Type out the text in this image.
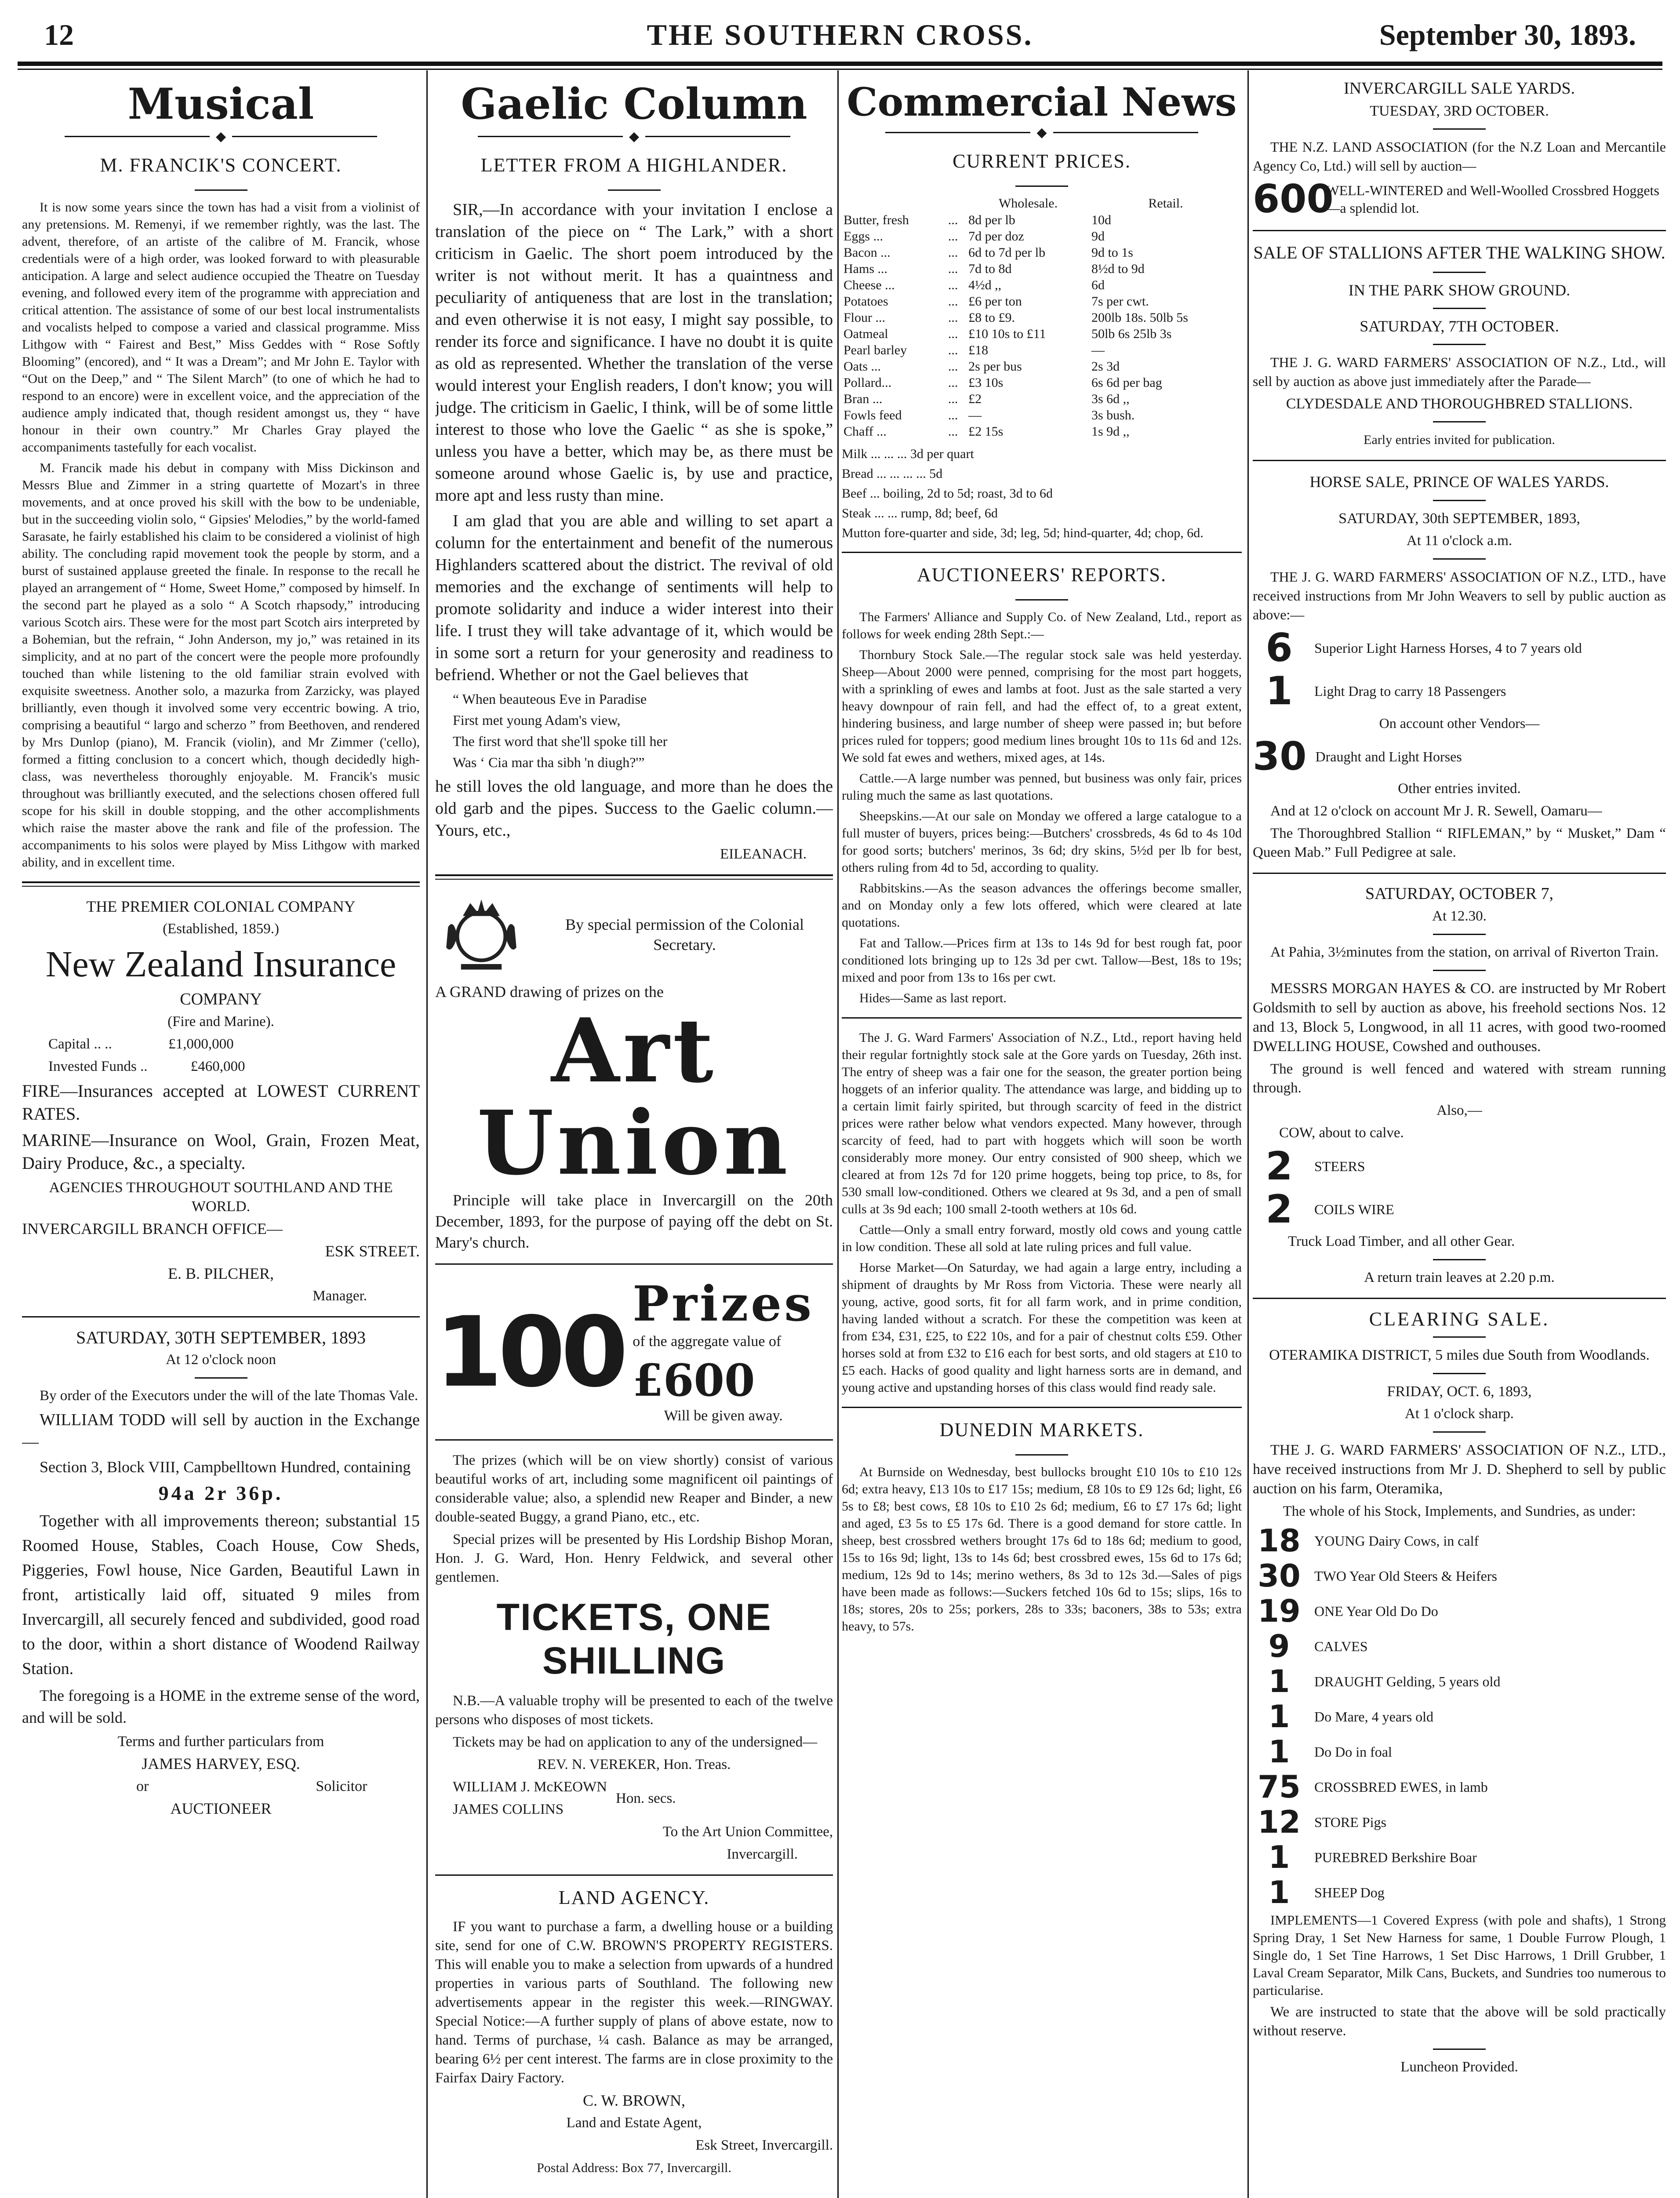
12	THE SOUTHERN CROSS.	September 30, 1893.
Musical
◆
M. FRANCIK'S CONCERT.

It is now some years since the town has had a visit from a violinist of any pretensions. M. Remenyi, if we remember rightly, was the last. The advent, therefore, of an artiste of the calibre of M. Francik, whose credentials were of a high order, was looked forward to with pleasurable anticipation. A large and select audience occupied the Theatre on Tuesday evening, and followed every item of the programme with appreciation and critical attention. The assistance of some of our best local instrumentalists and vocalists helped to compose a varied and classical programme. Miss Lithgow with “ Fairest and Best,” Miss Geddes with “ Rose Softly Blooming” (encored), and “ It was a Dream”; and Mr John E. Taylor with “Out on the Deep,” and “ The Silent March” (to one of which he had to respond to an encore) were in excellent voice, and the appreciation of the audience amply indicated that, though resident amongst us, they “ have honour in their own country.” Mr Charles Gray played the accompaniments tastefully for each vocalist.

M. Francik made his debut in company with Miss Dickinson and Messrs Blue and Zimmer in a string quartette of Mozart's in three movements, and at once proved his skill with the bow to be undeniable, but in the succeeding violin solo, “ Gipsies' Melodies,” by the world-famed Sarasate, he fairly established his claim to be considered a violinist of high ability. The concluding rapid movement took the people by storm, and a burst of sustained applause greeted the finale. In response to the recall he played an arrangement of “ Home, Sweet Home,” composed by himself. In the second part he played as a solo “ A Scotch rhapsody,” introducing various Scotch airs. These were for the most part Scotch airs interpreted by a Bohemian, but the refrain, “ John Anderson, my jo,” was retained in its simplicity, and at no part of the concert were the people more profoundly touched than while listening to the old familiar strain evolved with exquisite sweetness. Another solo, a mazurka from Zarzicky, was played brilliantly, even though it involved some very eccentric bowing. A trio, comprising a beautiful “ largo and scherzo ” from Beethoven, and rendered by Mrs Dunlop (piano), M. Francik (violin), and Mr Zimmer ('cello), formed a fitting conclusion to a concert which, though decidedly high-class, was nevertheless thoroughly enjoyable. M. Francik's music throughout was brilliantly executed, and the selections chosen offered full scope for his skill in double stopping, and the other accomplishments which raise the master above the rank and file of the profession. The accompaniments to his solos were played by Miss Lithgow with marked ability, and in excellent time.

THE PREMIER COLONIAL COMPANY

(Established, 1859.)

New Zealand Insurance

COMPANY

(Fire and Marine).

Capital .. ..	£1,000,000

Invested Funds ..	£460,000

FIRE—Insurances accepted at LOWEST CURRENT RATES.

MARINE—Insurance on Wool, Grain, Frozen Meat, Dairy Produce, &c., a specialty.

AGENCIES THROUGHOUT SOUTHLAND AND THE WORLD.

INVERCARGILL BRANCH OFFICE—

ESK STREET.

E. B. PILCHER,

Manager.

SATURDAY, 30TH SEPTEMBER, 1893

At 12 o'clock noon

By order of the Executors under the will of the late Thomas Vale.

WILLIAM TODD will sell by auction in the Exchange—

Section 3, Block VIII, Campbelltown Hundred, containing

94a 2r 36p.

Together with all improvements thereon; substantial 15 Roomed House, Stables, Coach House, Cow Sheds, Piggeries, Fowl house, Nice Garden, Beautiful Lawn in front, artistically laid off, situated 9 miles from Invercargill, all securely fenced and subdivided, good road to the door, within a short distance of Woodend Railway Station.

The foregoing is a HOME in the extreme sense of the word, and will be sold.

Terms and further particulars from

JAMES HARVEY, ESQ.

or	Solicitor

AUCTIONEER

Gaelic Column
◆
LETTER FROM A HIGHLANDER.

SIR,—In accordance with your invitation I enclose a translation of the piece on “ The Lark,” with a short criticism in Gaelic. The short poem introduced by the writer is not without merit. It has a quaintness and peculiarity of antiqueness that are lost in the translation; and even otherwise it is not easy, I might say possible, to render its force and significance. I have no doubt it is quite as old as represented. Whether the translation of the verse would interest your English readers, I don't know; you will judge. The criticism in Gaelic, I think, will be of some little interest to those who love the Gaelic “ as she is spoke,” unless you have a better, which may be, as there must be someone around whose Gaelic is, by use and practice, more apt and less rusty than mine.

I am glad that you are able and willing to set apart a column for the entertainment and benefit of the numerous Highlanders scattered about the district. The revival of old memories and the exchange of sentiments will help to promote solidarity and induce a wider interest into their life. I trust they will take advantage of it, which would be in some sort a return for your generosity and readiness to befriend. Whether or not the Gael believes that

“ When beauteous Eve in Paradise

First met young Adam's view,

The first word that she'll spoke till her

Was ‘ Cia mar tha sibh 'n diugh?'”

he still loves the old language, and more than he does the old garb and the pipes. Success to the Gaelic column.—Yours, etc.,

EILEANACH.

By special permission of the Colonial Secretary.

A GRAND drawing of prizes on the

Art Union

Principle will take place in Invercargill on the 20th December, 1893, for the purpose of paying off the debt on St. Mary's church.

100 Prizes

of the aggregate value of

£600

Will be given away.

The prizes (which will be on view shortly) consist of various beautiful works of art, including some magnificent oil paintings of considerable value; also, a splendid new Reaper and Binder, a new double-seated Buggy, a grand Piano, etc., etc.

Special prizes will be presented by His Lordship Bishop Moran, Hon. J. G. Ward, Hon. Henry Feldwick, and several other gentlemen.

TICKETS, ONE SHILLING

N.B.—A valuable trophy will be presented to each of the twelve persons who disposes of most tickets.

Tickets may be had on application to any of the undersigned—

REV. N. VEREKER, Hon. Treas.

WILLIAM J. McKEOWN

JAMES COLLINS

Hon. secs.

To the Art Union Committee,

Invercargill.

LAND AGENCY.

IF you want to purchase a farm, a dwelling house or a building site, send for one of C.W. BROWN'S PROPERTY REGISTERS. This will enable you to make a selection from upwards of a hundred properties in various parts of Southland. The following new advertisements appear in the register this week.—RINGWAY. Special Notice:—A further supply of plans of above estate, now to hand. Terms of purchase, ¼ cash. Balance as may be arranged, bearing 6½ per cent interest. The farms are in close proximity to the Fairfax Dairy Factory.

C. W. BROWN,

Land and Estate Agent,

Esk Street, Invercargill.

Postal Address: Box 77, Invercargill.

Commercial News
◆
CURRENT PRICES.
		Wholesale.	Retail.
Butter, fresh	...	8d per lb	10d
Eggs ...	...	7d per doz	9d
Bacon ...	...	6d to 7d per lb	9d to 1s
Hams ...	...	7d to 8d	8½d to 9d
Cheese ...	...	4½d ,,	6d
Potatoes	...	£6 per ton	7s per cwt.
Flour ...	...	£8 to £9.	200lb 18s. 50lb 5s
Oatmeal	...	£10 10s to £11	50lb 6s 25lb 3s
Pearl barley	...	£18	—
Oats ...	...	2s per bus	2s 3d
Pollard...	...	£3 10s	6s 6d per bag
Bran ...	...	£2	3s 6d ,,
Fowls feed	...	—	3s bush.
Chaff ...	...	£2 15s	1s 9d ,,

Milk ... ... ... 3d per quart

Bread ... ... ... ... 5d

Beef ... boiling, 2d to 5d; roast, 3d to 6d

Steak ... ... rump, 8d; beef, 6d

Mutton fore-quarter and side, 3d; leg, 5d; hind-quarter, 4d; chop, 6d.

AUCTIONEERS' REPORTS.

The Farmers' Alliance and Supply Co. of New Zealand, Ltd., report as follows for week ending 28th Sept.:—

Thornbury Stock Sale.—The regular stock sale was held yesterday. Sheep—About 2000 were penned, comprising for the most part hoggets, with a sprinkling of ewes and lambs at foot. Just as the sale started a very heavy downpour of rain fell, and had the effect of, to a great extent, hindering business, and large number of sheep were passed in; but before prices ruled for toppers; good medium lines brought 10s to 11s 6d and 12s. We sold fat ewes and wethers, mixed ages, at 14s.

Cattle.—A large number was penned, but business was only fair, prices ruling much the same as last quotations.

Sheepskins.—At our sale on Monday we offered a large catalogue to a full muster of buyers, prices being:—Butchers' crossbreds, 4s 6d to 4s 10d for good sorts; butchers' merinos, 3s 6d; dry skins, 5½d per lb for best, others ruling from 4d to 5d, according to quality.

Rabbitskins.—As the season advances the offerings become smaller, and on Monday only a few lots offered, which were cleared at late quotations.

Fat and Tallow.—Prices firm at 13s to 14s 9d for best rough fat, poor conditioned lots bringing up to 12s 3d per cwt. Tallow—Best, 18s to 19s; mixed and poor from 13s to 16s per cwt.

Hides—Same as last report.

The J. G. Ward Farmers' Association of N.Z., Ltd., report having held their regular fortnightly stock sale at the Gore yards on Tuesday, 26th inst. The entry of sheep was a fair one for the season, the greater portion being hoggets of an inferior quality. The attendance was large, and bidding up to a certain limit fairly spirited, but through scarcity of feed in the district prices were rather below what vendors expected. Many however, through scarcity of feed, had to part with hoggets which will soon be worth considerably more money. Our entry consisted of 900 sheep, which we cleared at from 12s 7d for 120 prime hoggets, being top price, to 8s, for 530 small low-conditioned. Others we cleared at 9s 3d, and a pen of small culls at 3s 9d each; 100 small 2-tooth wethers at 10s 6d.

Cattle—Only a small entry forward, mostly old cows and young cattle in low condition. These all sold at late ruling prices and full value.

Horse Market—On Saturday, we had again a large entry, including a shipment of draughts by Mr Ross from Victoria. These were nearly all young, active, good sorts, fit for all farm work, and in prime condition, having landed without a scratch. For these the competition was keen at from £34, £31, £25, to £22 10s, and for a pair of chestnut colts £59. Other horses sold at from £32 to £16 each for best sorts, and old stagers at £10 to £5 each. Hacks of good quality and light harness sorts are in demand, and young active and upstanding horses of this class would find ready sale.

DUNEDIN MARKETS.

At Burnside on Wednesday, best bullocks brought £10 10s to £10 12s 6d; extra heavy, £13 10s to £17 15s; medium, £8 10s to £9 12s 6d; light, £6 5s to £8; best cows, £8 10s to £10 2s 6d; medium, £6 to £7 17s 6d; light and aged, £3 5s to £5 17s 6d. There is a good demand for store cattle. In sheep, best crossbred wethers brought 17s 6d to 18s 6d; medium to good, 15s to 16s 9d; light, 13s to 14s 6d; best crossbred ewes, 15s 6d to 17s 6d; medium, 12s 9d to 14s; merino wethers, 8s 3d to 12s 3d.—Sales of pigs have been made as follows:—Suckers fetched 10s 6d to 15s; slips, 16s to 18s; stores, 20s to 25s; porkers, 28s to 33s; baconers, 38s to 53s; extra heavy, to 57s.

INVERCARGILL SALE YARDS.

TUESDAY, 3RD OCTOBER.

THE N.Z. LAND ASSOCIATION (for the N.Z Loan and Mercantile Agency Co, Ltd.) will sell by auction—

600
WELL-WINTERED and Well-Woolled Crossbred Hoggets—a splendid lot.

SALE OF STALLIONS AFTER THE WALKING SHOW.

IN THE PARK SHOW GROUND.

SATURDAY, 7TH OCTOBER.

THE J. G. WARD FARMERS' ASSOCIATION OF N.Z., Ltd., will sell by auction as above just immediately after the Parade—

CLYDESDALE AND THOROUGHBRED STALLIONS.

Early entries invited for publication.

HORSE SALE, PRINCE OF WALES YARDS.

SATURDAY, 30th SEPTEMBER, 1893,

At 11 o'clock a.m.

THE J. G. WARD FARMERS' ASSOCIATION OF N.Z., LTD., have received instructions from Mr John Weavers to sell by public auction as above:—

6	Superior Light Harness Horses, 4 to 7 years old
1	Light Drag to carry 18 Passengers

On account other Vendors—

30 Draught and Light Horses

Other entries invited.

And at 12 o'clock on account Mr J. R. Sewell, Oamaru—

The Thoroughbred Stallion “ RIFLEMAN,” by “ Musket,” Dam “ Queen Mab.” Full Pedigree at sale.

SATURDAY, OCTOBER 7,

At 12.30.

At Pahia, 3½minutes from the station, on arrival of Riverton Train.

MESSRS MORGAN HAYES & CO. are instructed by Mr Robert Goldsmith to sell by auction as above, his freehold sections Nos. 12 and 13, Block 5, Longwood, in all 11 acres, with good two-roomed DWELLING HOUSE, Cowshed and outhouses.

The ground is well fenced and watered with stream running through.

Also,—

COW, about to calve.

2	STEERS
2	COILS WIRE

Truck Load Timber, and all other Gear.

A return train leaves at 2.20 p.m.

CLEARING SALE.

OTERAMIKA DISTRICT, 5 miles due South from Woodlands.

FRIDAY, OCT. 6, 1893,

At 1 o'clock sharp.

THE J. G. WARD FARMERS' ASSOCIATION OF N.Z., LTD., have received instructions from Mr J. D. Shepherd to sell by public auction on his farm, Oteramika,

The whole of his Stock, Implements, and Sundries, as under:

18 YOUNG Dairy Cows, in calf
30 TWO Year Old Steers & Heifers
19 ONE Year Old Do Do
9	CALVES
1	DRAUGHT Gelding, 5 years old
1	Do Mare, 4 years old
1	Do Do in foal
75 CROSSBRED EWES, in lamb
12 STORE Pigs
1	PUREBRED Berkshire Boar
1	SHEEP Dog

IMPLEMENTS—1 Covered Express (with pole and shafts), 1 Strong Spring Dray, 1 Set New Harness for same, 1 Double Furrow Plough, 1 Single do, 1 Set Tine Harrows, 1 Set Disc Harrows, 1 Drill Grubber, 1 Laval Cream Separator, Milk Cans, Buckets, and Sundries too numerous to particularise.

We are instructed to state that the above will be sold practically without reserve.

Luncheon Provided.
